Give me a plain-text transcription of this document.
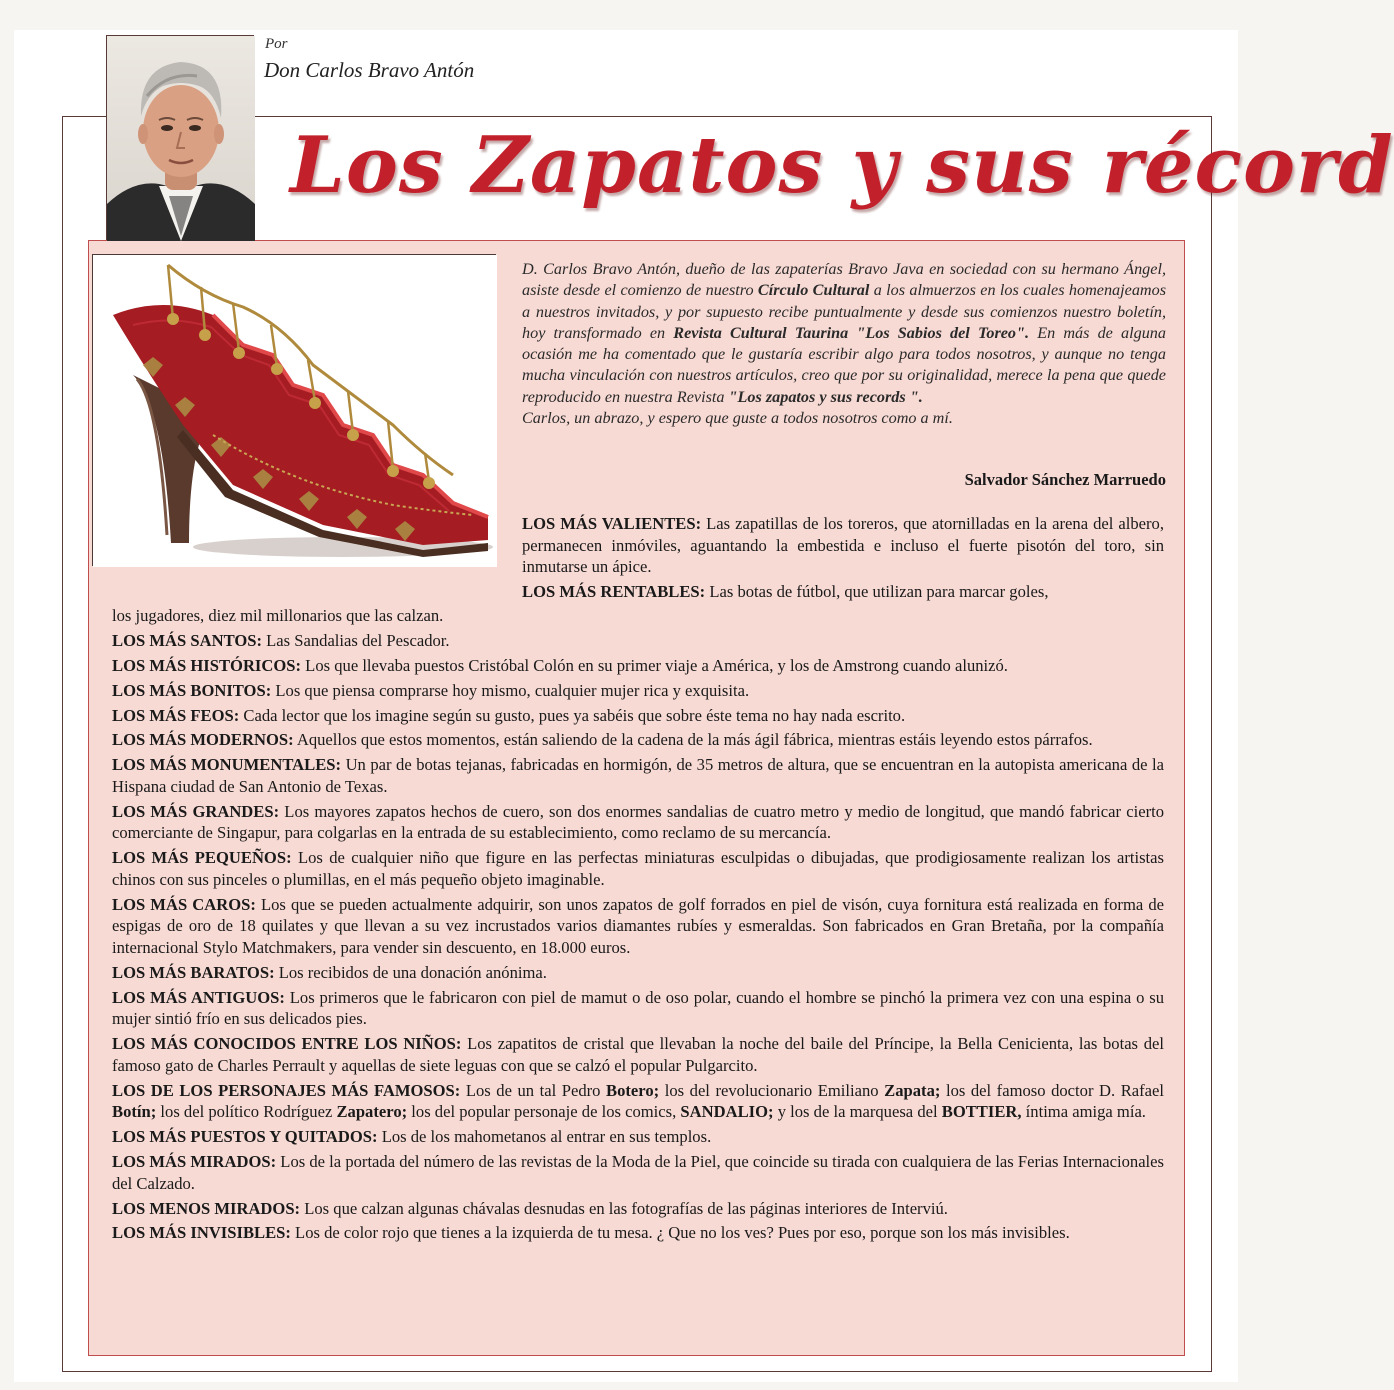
Por
Don Carlos Bravo Antón
Los Zapatos y sus récord
D. Carlos Bravo Antón, dueño de las zapaterías Bravo Java en sociedad con su hermano Ángel, asiste desde el comienzo de nuestro Círculo Cultural a los almuerzos en los cuales homenajeamos a nuestros invitados, y por supuesto recibe puntualmente y desde sus comienzos nuestro boletín, hoy transformado en Revista Cultural Taurina "Los Sabios del Toreo". En más de alguna ocasión me ha comentado que le gustaría escribir algo para todos nosotros, y aunque no tenga mucha vinculación con nuestros artículos, creo que por su originalidad, merece la pena que quede reproducido en nuestra Revista "Los zapatos y sus records ".
Carlos, un abrazo, y espero que guste a todos nosotros como a mí.
Salvador Sánchez Marruedo

LOS MÁS VALIENTES: Las zapatillas de los toreros, que atornilladas en la arena del albero, permanecen inmóviles, aguantando la embestida e incluso el fuerte pisotón del toro, sin inmutarse un ápice.

LOS MÁS RENTABLES: Las botas de fútbol, que utilizan para marcar goles,

los jugadores, diez mil millonarios que las calzan.

LOS MÁS SANTOS: Las Sandalias del Pescador.

LOS MÁS HISTÓRICOS: Los que llevaba puestos Cristóbal Colón en su primer viaje a América, y los de Amstrong cuando alunizó.

LOS MÁS BONITOS: Los que piensa comprarse hoy mismo, cualquier mujer rica y exquisita.

LOS MÁS FEOS: Cada lector que los imagine según su gusto, pues ya sabéis que sobre éste tema no hay nada escrito.

LOS MÁS MODERNOS: Aquellos que estos momentos, están saliendo de la cadena de la más ágil fábrica, mientras estáis leyendo estos párrafos.

LOS MÁS MONUMENTALES: Un par de botas tejanas, fabricadas en hormigón, de 35 metros de altura, que se encuentran en la autopista americana de la Hispana ciudad de San Antonio de Texas.

LOS MÁS GRANDES: Los mayores zapatos hechos de cuero, son dos enormes sandalias de cuatro metro y medio de longitud, que mandó fabricar cierto comerciante de Singapur, para colgarlas en la entrada de su establecimiento, como reclamo de su mercancía.

LOS MÁS PEQUEÑOS: Los de cualquier niño que figure en las perfectas miniaturas esculpidas o dibujadas, que prodigiosamente realizan los artistas chinos con sus pinceles o plumillas, en el más pequeño objeto imaginable.

LOS MÁS CAROS: Los que se pueden actualmente adquirir, son unos zapatos de golf forrados en piel de visón, cuya fornitura está realizada en forma de espigas de oro de 18 quilates y que llevan a su vez incrustados varios diamantes rubíes y esmeraldas. Son fabricados en Gran Bretaña, por la compañía internacional Stylo Matchmakers, para vender sin descuento, en 18.000 euros.

LOS MÁS BARATOS: Los recibidos de una donación anónima.

LOS MÁS ANTIGUOS: Los primeros que le fabricaron con piel de mamut o de oso polar, cuando el hombre se pinchó la primera vez con una espina o su mujer sintió frío en sus delicados pies.

LOS MÁS CONOCIDOS ENTRE LOS NIÑOS: Los zapatitos de cristal que llevaban la noche del baile del Príncipe, la Bella Cenicienta, las botas del famoso gato de Charles Perrault y aquellas de siete leguas con que se calzó el popular Pulgarcito.

LOS DE LOS PERSONAJES MÁS FAMOSOS: Los de un tal Pedro Botero; los del revolucionario Emiliano Zapata; los del famoso doctor D. Rafael Botín; los del político Rodríguez Zapatero; los del popular personaje de los comics, SANDALIO; y los de la marquesa del BOTTIER, íntima amiga mía.

LOS MÁS PUESTOS Y QUITADOS: Los de los mahometanos al entrar en sus templos.

LOS MÁS MIRADOS: Los de la portada del número de las revistas de la Moda de la Piel, que coincide su tirada con cualquiera de las Ferias Internacionales del Calzado.

LOS MENOS MIRADOS: Los que calzan algunas chávalas desnudas en las fotografías de las páginas interiores de Interviú.

LOS MÁS INVISIBLES: Los de color rojo que tienes a la izquierda de tu mesa. ¿ Que no los ves? Pues por eso, porque son los más invisibles.
